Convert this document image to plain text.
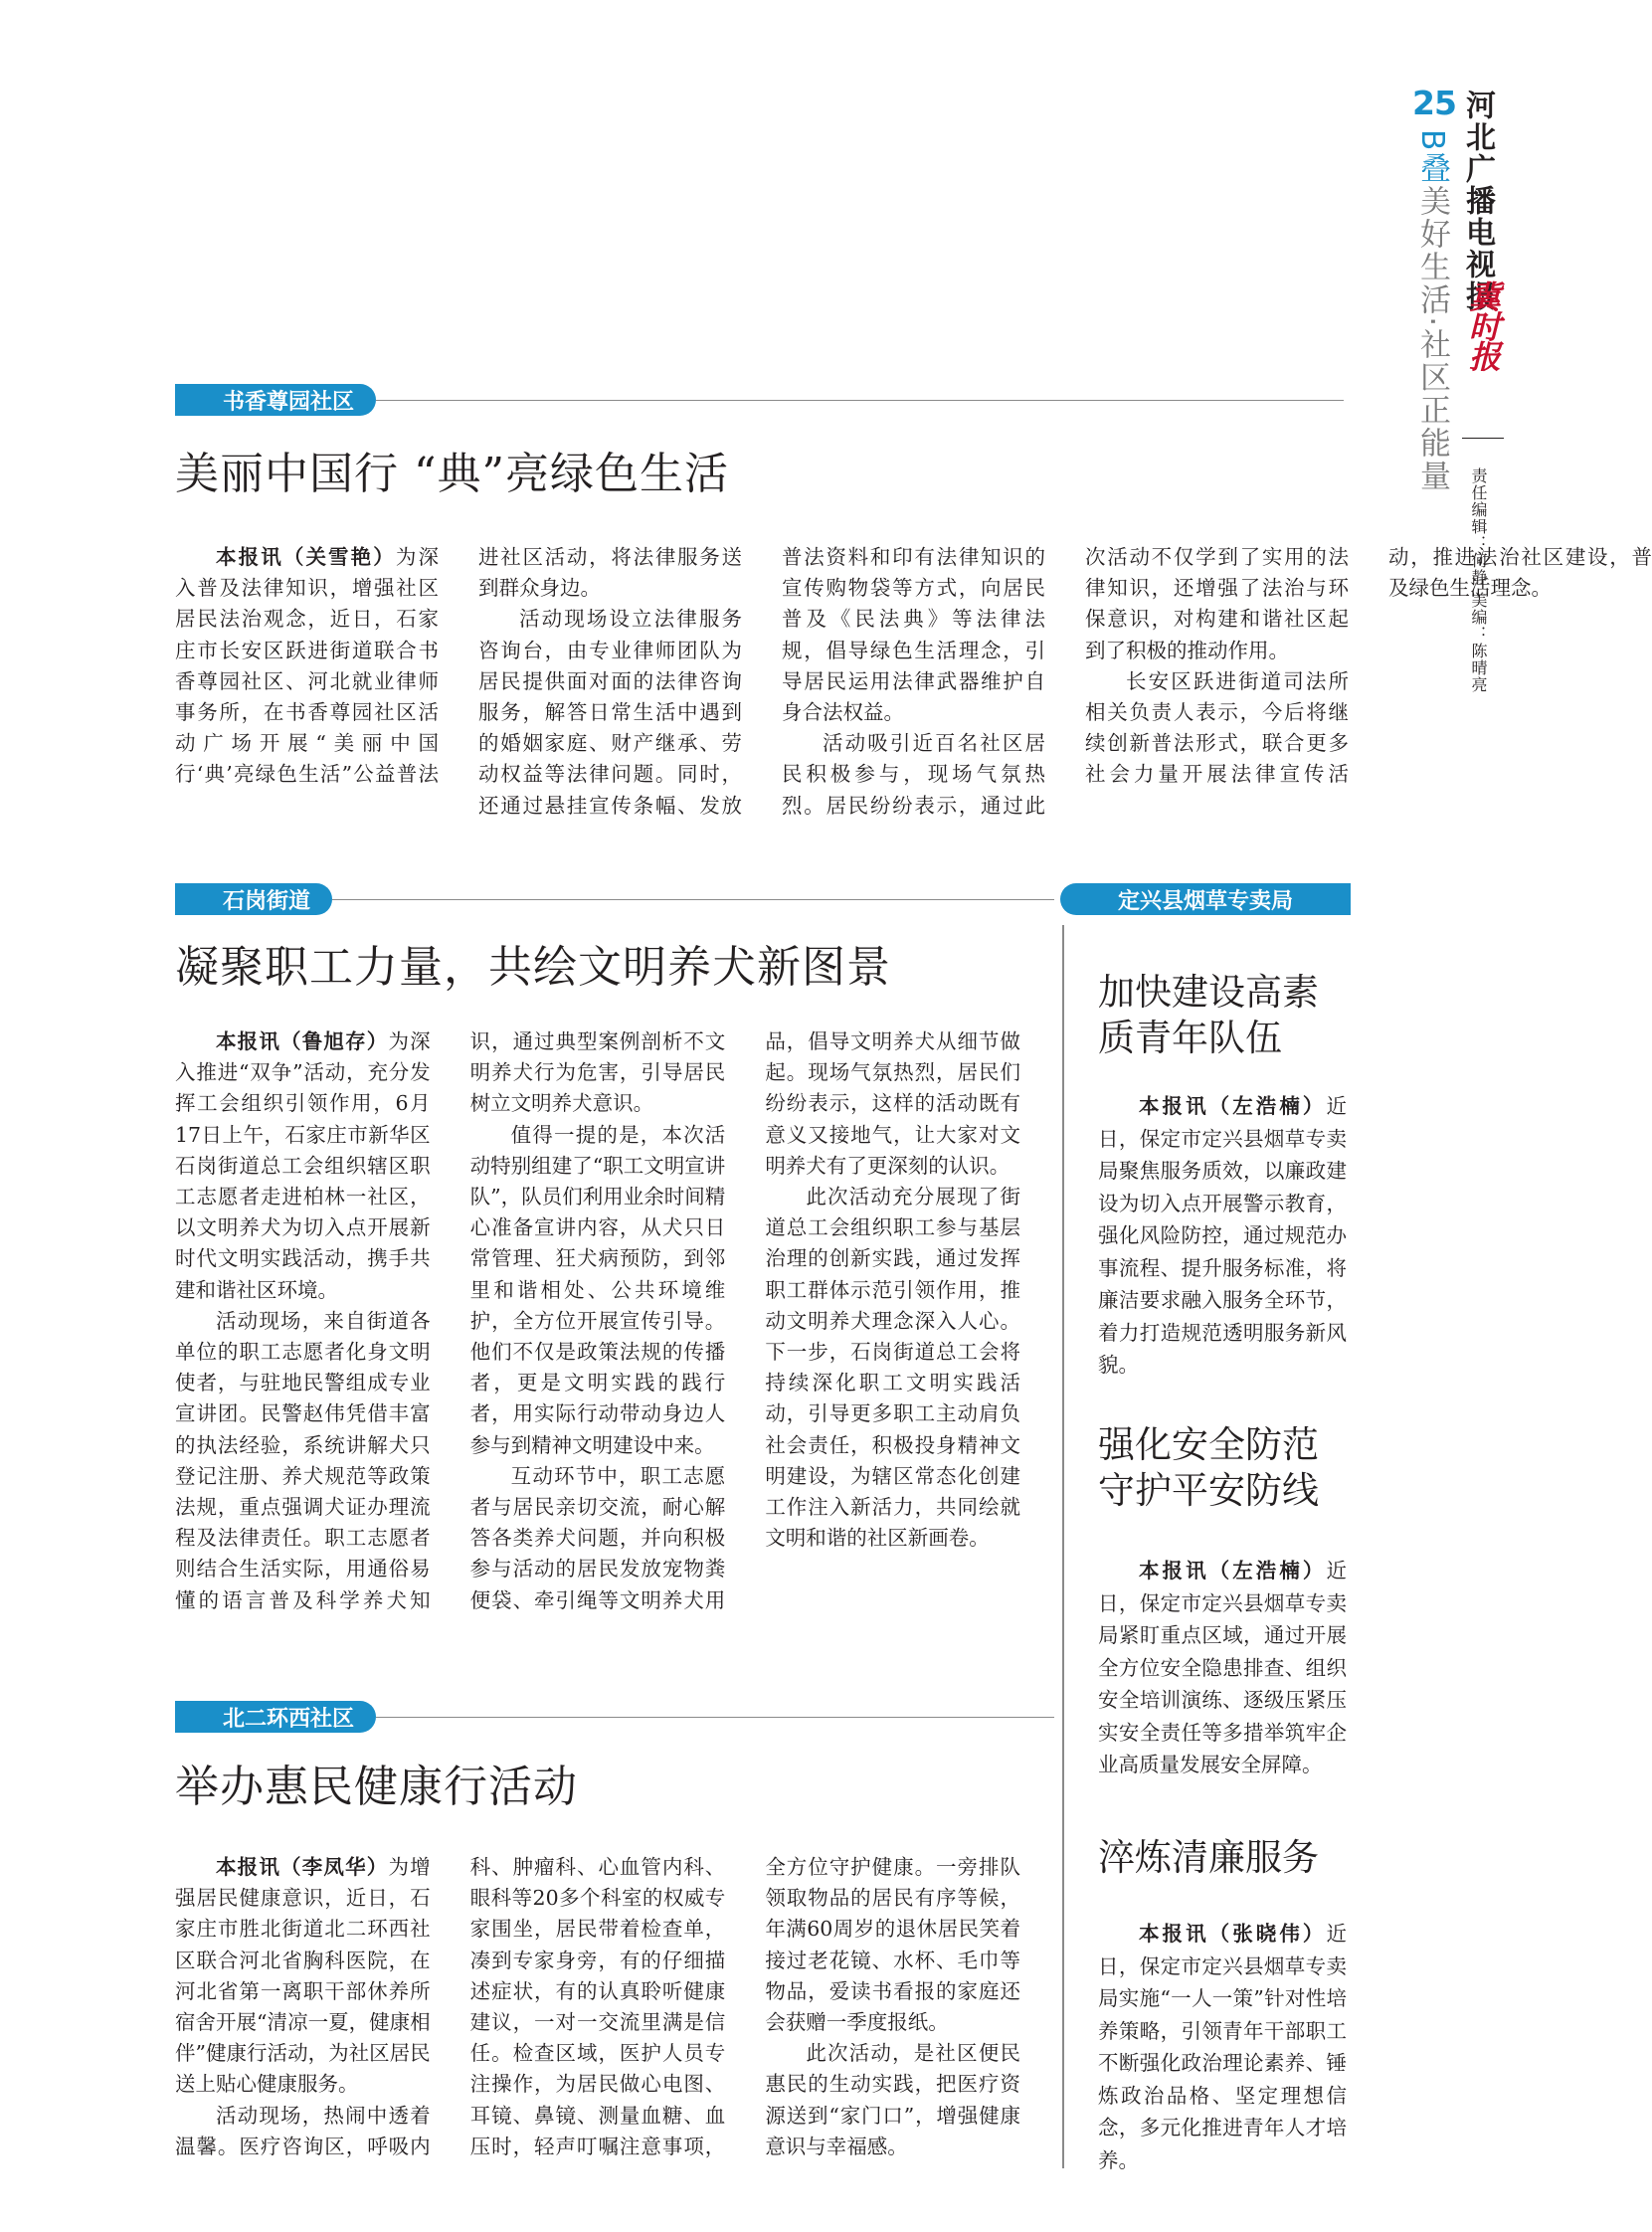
25 河北广播电视报
冀时报
B叠美好生活·社区正能量
责任编辑：何静 美编：陈晴亮
书香尊园社区
美丽中国行 “典”亮绿色生活

本报讯（关雪艳）为深入普及法律知识，增强社区居民法治观念，近日，石家庄市长安区跃进街道联合书香尊园社区、河北就业律师事务所，在书香尊园社区活动广场开展“美丽中国行‘典’亮绿色生活”公益普法进社区活动，将法律服务送到群众身边。

活动现场设立法律服务咨询台，由专业律师团队为居民提供面对面的法律咨询服务，解答日常生活中遇到的婚姻家庭、财产继承、劳动权益等法律问题。同时，还通过悬挂宣传条幅、发放普法资料和印有法律知识的宣传购物袋等方式，向居民普及《民法典》等法律法规，倡导绿色生活理念，引导居民运用法律武器维护自身合法权益。

活动吸引近百名社区居民积极参与，现场气氛热烈。居民纷纷表示，通过此次活动不仅学到了实用的法律知识，还增强了法治与环保意识，对构建和谐社区起到了积极的推动作用。

长安区跃进街道司法所相关负责人表示，今后将继续创新普法形式，联合更多社会力量开展法律宣传活动，推进法治社区建设，普及绿色生活理念。

石岗街道
凝聚职工力量，共绘文明养犬新图景

本报讯（鲁旭存）为深入推进“双争”活动，充分发挥工会组织引领作用，6月17日上午，石家庄市新华区石岗街道总工会组织辖区职工志愿者走进柏林一社区，以文明养犬为切入点开展新时代文明实践活动，携手共建和谐社区环境。

活动现场，来自街道各单位的职工志愿者化身文明使者，与驻地民警组成专业宣讲团。民警赵伟凭借丰富的执法经验，系统讲解犬只登记注册、养犬规范等政策法规，重点强调犬证办理流程及法律责任。职工志愿者则结合生活实际，用通俗易懂的语言普及科学养犬知识，通过典型案例剖析不文明养犬行为危害，引导居民树立文明养犬意识。

值得一提的是，本次活动特别组建了“职工文明宣讲队”，队员们利用业余时间精心准备宣讲内容，从犬只日常管理、狂犬病预防，到邻里和谐相处、公共环境维护，全方位开展宣传引导。他们不仅是政策法规的传播者，更是文明实践的践行者，用实际行动带动身边人参与到精神文明建设中来。

互动环节中，职工志愿者与居民亲切交流，耐心解答各类养犬问题，并向积极参与活动的居民发放宠物粪便袋、牵引绳等文明养犬用品，倡导文明养犬从细节做起。现场气氛热烈，居民们纷纷表示，这样的活动既有意义又接地气，让大家对文明养犬有了更深刻的认识。

此次活动充分展现了街道总工会组织职工参与基层治理的创新实践，通过发挥职工群体示范引领作用，推动文明养犬理念深入人心。下一步，石岗街道总工会将持续深化职工文明实践活动，引导更多职工主动肩负社会责任，积极投身精神文明建设，为辖区常态化创建工作注入新活力，共同绘就文明和谐的社区新画卷。

北二环西社区
举办惠民健康行活动

本报讯（李凤华）为增强居民健康意识，近日，石家庄市胜北街道北二环西社区联合河北省胸科医院，在河北省第一离职干部休养所宿舍开展“清凉一夏，健康相伴”健康行活动，为社区居民送上贴心健康服务。

活动现场，热闹中透着温馨。医疗咨询区，呼吸内科、肿瘤科、心血管内科、眼科等20多个科室的权威专家围坐，居民带着检查单，凑到专家身旁，有的仔细描述症状，有的认真聆听健康建议，一对一交流里满是信任。检查区域，医护人员专注操作，为居民做心电图、耳镜、鼻镜、测量血糖、血压时，轻声叮嘱注意事项，全方位守护健康。一旁排队领取物品的居民有序等候，年满60周岁的退休居民笑着接过老花镜、水杯、毛巾等物品，爱读书看报的家庭还会获赠一季度报纸。

此次活动，是社区便民惠民的生动实践，把医疗资源送到“家门口”，增强健康意识与幸福感。

定兴县烟草专卖局
加快建设高素质青年队伍

本报讯（左浩楠）近日，保定市定兴县烟草专卖局聚焦服务质效，以廉政建设为切入点开展警示教育，强化风险防控，通过规范办事流程、提升服务标准，将廉洁要求融入服务全环节，着力打造规范透明服务新风貌。

强化安全防范守护平安防线

本报讯（左浩楠）近日，保定市定兴县烟草专卖局紧盯重点区域，通过开展全方位安全隐患排查、组织安全培训演练、逐级压紧压实安全责任等多措举筑牢企业高质量发展安全屏障。

淬炼清廉服务

本报讯（张晓伟）近日，保定市定兴县烟草专卖局实施“一人一策”针对性培养策略，引领青年干部职工不断强化政治理论素养、锤炼政治品格、坚定理想信念，多元化推进青年人才培养。
